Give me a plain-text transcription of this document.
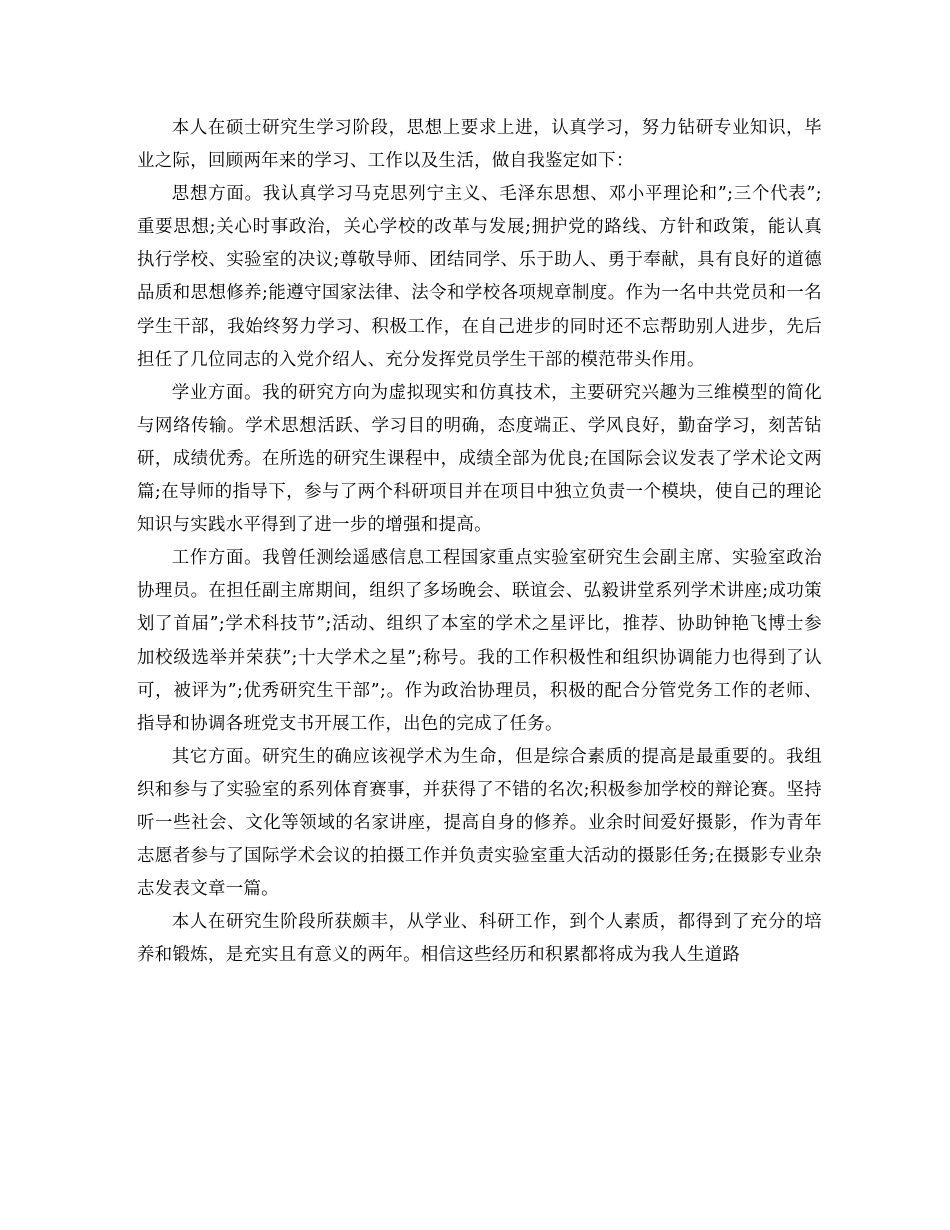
本人在硕士研究生学习阶段，思想上要求上进，认真学习，努力钻研专业知识，毕业之际，回顾两年来的学习、工作以及生活，做自我鉴定如下：

思想方面。我认真学习马克思列宁主义、毛泽东思想、邓小平理论和”;三个代表”;重要思想;关心时事政治，关心学校的改革与发展;拥护党的路线、方针和政策，能认真执行学校、实验室的决议;尊敬导师、团结同学、乐于助人、勇于奉献，具有良好的道德品质和思想修养;能遵守国家法律、法令和学校各项规章制度。作为一名中共党员和一名学生干部，我始终努力学习、积极工作，在自己进步的同时还不忘帮助别人进步，先后担任了几位同志的入党介绍人、充分发挥党员学生干部的模范带头作用。

学业方面。我的研究方向为虚拟现实和仿真技术，主要研究兴趣为三维模型的简化与网络传输。学术思想活跃、学习目的明确，态度端正、学风良好，勤奋学习，刻苦钻研，成绩优秀。在所选的研究生课程中，成绩全部为优良;在国际会议发表了学术论文两篇;在导师的指导下，参与了两个科研项目并在项目中独立负责一个模块，使自己的理论知识与实践水平得到了进一步的增强和提高。

工作方面。我曾任测绘遥感信息工程国家重点实验室研究生会副主席、实验室政治协理员。在担任副主席期间，组织了多场晚会、联谊会、弘毅讲堂系列学术讲座;成功策划了首届”;学术科技节”;活动、组织了本室的学术之星评比，推荐、协助钟艳飞博士参加校级选举并荣获”;十大学术之星”;称号。我的工作积极性和组织协调能力也得到了认可，被评为”;优秀研究生干部”;。作为政治协理员，积极的配合分管党务工作的老师、指导和协调各班党支书开展工作，出色的完成了任务。

其它方面。研究生的确应该视学术为生命，但是综合素质的提高是最重要的。我组织和参与了实验室的系列体育赛事，并获得了不错的名次;积极参加学校的辩论赛。坚持听一些社会、文化等领域的名家讲座，提高自身的修养。业余时间爱好摄影，作为青年志愿者参与了国际学术会议的拍摄工作并负责实验室重大活动的摄影任务;在摄影专业杂志发表文章一篇。

本人在研究生阶段所获颇丰，从学业、科研工作，到个人素质，都得到了充分的培养和锻炼，是充实且有意义的两年。相信这些经历和积累都将成为我人生道路
